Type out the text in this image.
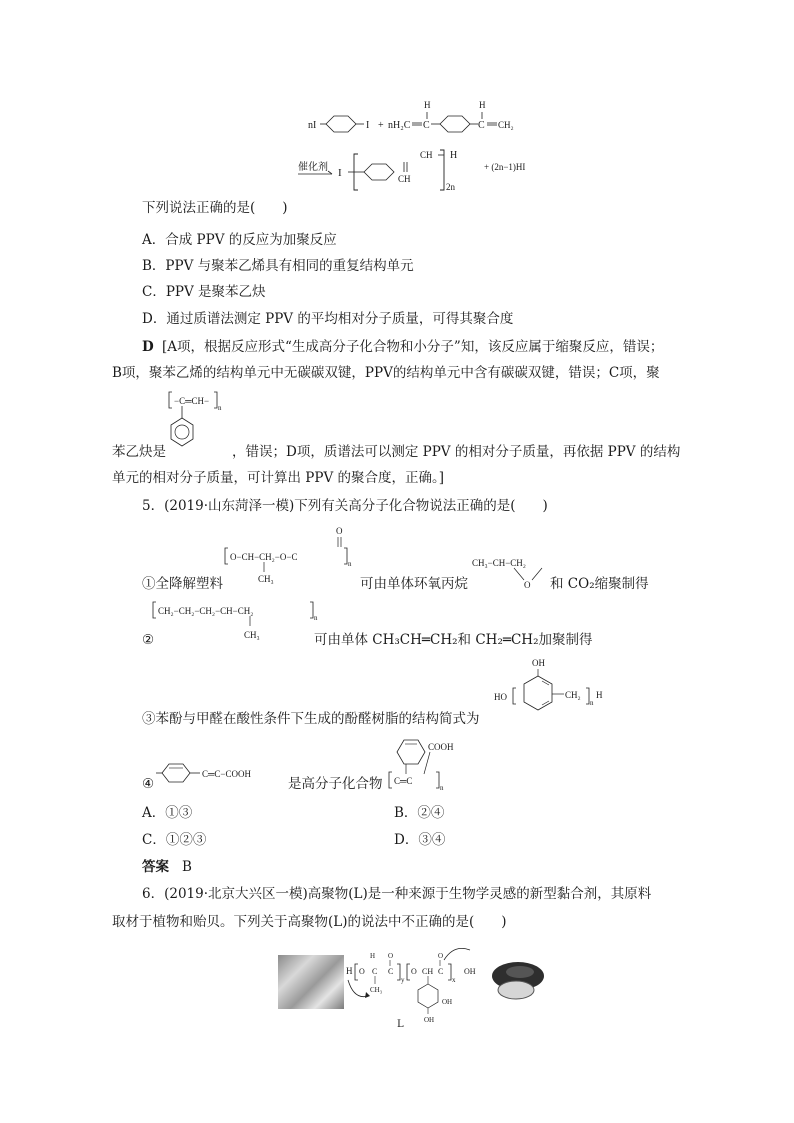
nI	I + nH₂C C
H
C
H
CH₂
催化剂 I	CH
CH H
2n
+ (2n−1)HI
下列说法正确的是(　　)
A．合成 PPV 的反应为加聚反应
B．PPV 与聚苯乙烯具有相同的重复结构单元
C．PPV 是聚苯乙炔
D．通过质谱法测定 PPV 的平均相对分子质量，可得其聚合度
D [A项，根据反应形式“生成高分子化合物和小分子”知，该反应属于缩聚反应，错误；
B项，聚苯乙烯的结构单元中无碳碳双键，PPV的结构单元中含有碳碳双键，错误；C项，聚
−C═CH−
n
苯乙炔是	，错误；D项，质谱法可以测定 PPV 的相对分子质量，再依据 PPV 的结构
单元的相对分子质量，可计算出 PPV 的聚合度，正确。]
5．(2019·山东菏泽一模)下列有关高分子化合物说法正确的是(　　)
O
O−CH−CH₂−O−C
n
CH₃
①全降解塑料	可由单体环氧丙烷
CH₃−CH−CH₂
O 和 CO₂缩聚制得
CH₂−CH₂−CH₂−CH−CH₂
n
CH₃
②	可由单体 CH₃CH═CH₂和 CH₂═CH₂加聚制得
OH
HO	CH₂
n
H
③苯酚与甲醛在酸性条件下生成的酚醛树脂的结构简式为
C═C−COOH
④	是高分子化合物
COOH
C═C
n
A．①③	B．②④
C．①②③	D．③④
答案 B
6．(2019·北京大兴区一模)高聚物(L)是一种来源于生物学灵感的新型黏合剂，其原料
取材于植物和贻贝。下列关于高聚物(L)的说法中不正确的是(　　)
H O C
H
C
O
CH₃
y
O CH C
O
x
OH
OH
OH
L
